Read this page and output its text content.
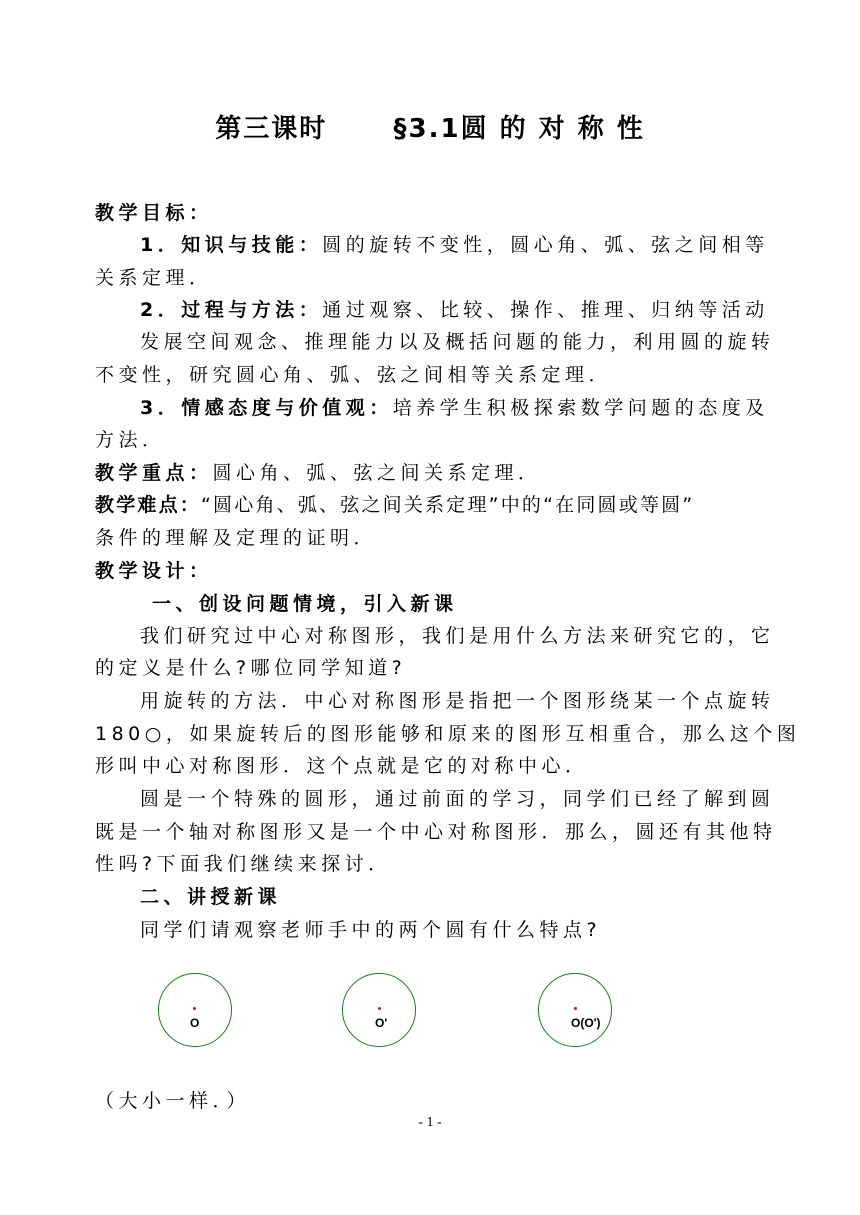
第三课时      §3.1圆 的 对 称 性
教学目标：
1．知识与技能：圆的旋转不变性，圆心角、弧、弦之间相等
关系定理．
2．过程与方法：通过观察、比较、操作、推理、归纳等活动
发展空间观念、推理能力以及概括问题的能力，利用圆的旋转
不变性，研究圆心角、弧、弦之间相等关系定理．
3．情感态度与价值观：培养学生积极探索数学问题的态度及
方法．
教学重点：圆心角、弧、弦之间关系定理．
教学难点：“圆心角、弧、弦之间关系定理”中的“在同圆或等圆”
条件的理解及定理的证明．
教学设计：
一、创设问题情境，引入新课
我们研究过中心对称图形，我们是用什么方法来研究它的，它
的定义是什么?哪位同学知道?
用旋转的方法．中心对称图形是指把一个图形绕某一个点旋转
180○，如果旋转后的图形能够和原来的图形互相重合，那么这个图
形叫中心对称图形．这个点就是它的对称中心．
圆是一个特殊的圆形，通过前面的学习，同学们已经了解到圆
既是一个轴对称图形又是一个中心对称图形．那么，圆还有其他特
性吗?下面我们继续来探讨．
二、讲授新课
同学们请观察老师手中的两个圆有什么特点?
O	O'	O(O')
（大小一样．）
- 1 -
